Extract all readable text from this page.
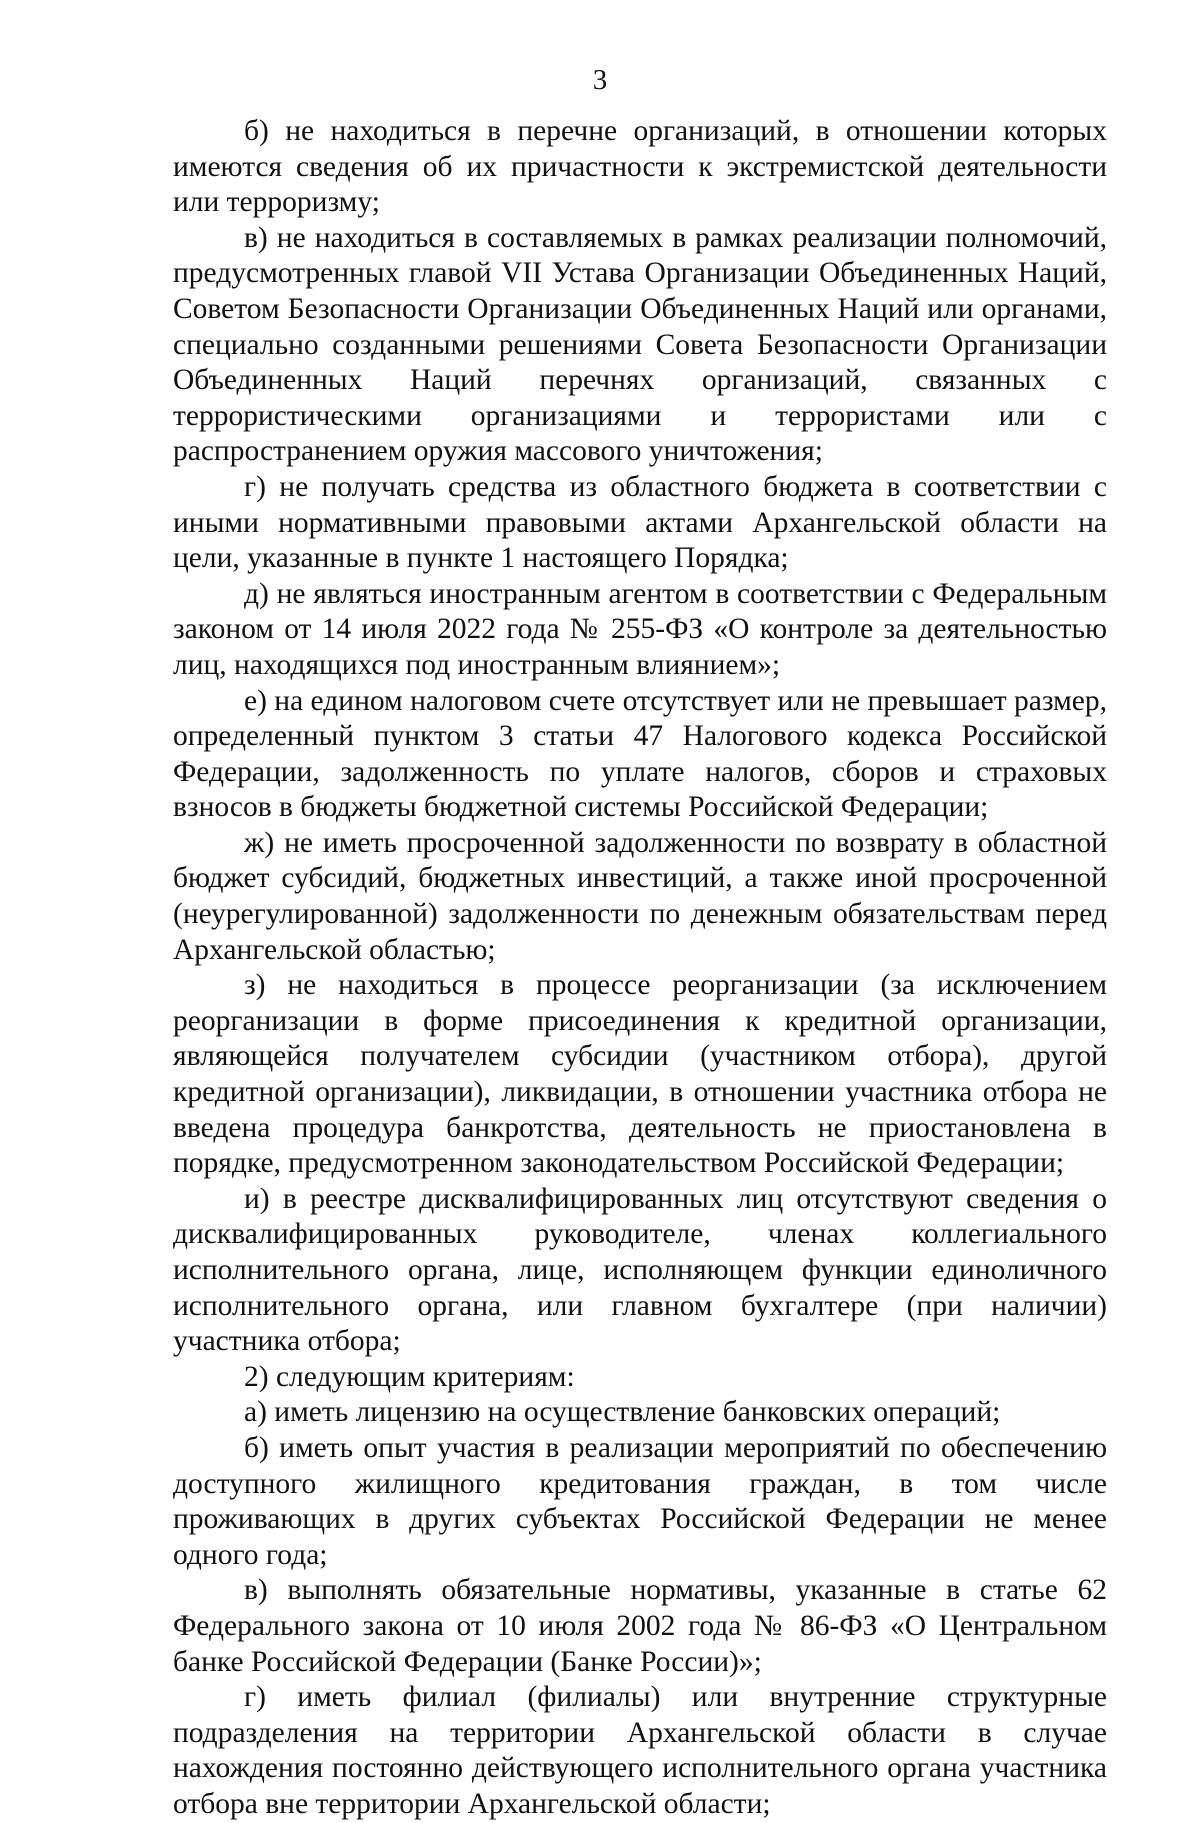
3

б) не находиться в перечне организаций, в отношении которых имеются сведения об их причастности к экстремистской деятельности или терроризму;

в) не находиться в составляемых в рамках реализации полномочий, предусмотренных главой VII Устава Организации Объединенных Наций, Советом Безопасности Организации Объединенных Наций или органами, специально созданными решениями Совета Безопасности Организации Объединенных Наций перечнях организаций, связанных с террористическими организациями и террористами или с распространением оружия массового уничтожения;

г) не получать средства из областного бюджета в соответствии с иными нормативными правовыми актами Архангельской области на цели, указанные в пункте 1 настоящего Порядка;

д) не являться иностранным агентом в соответствии с Федеральным законом от 14 июля 2022 года № 255-ФЗ «О контроле за деятельностью лиц, находящихся под иностранным влиянием»;

е) на едином налоговом счете отсутствует или не превышает размер, определенный пунктом 3 статьи 47 Налогового кодекса Российской Федерации, задолженность по уплате налогов, сборов и страховых взносов в бюджеты бюджетной системы Российской Федерации;

ж) не иметь просроченной задолженности по возврату в областной бюджет субсидий, бюджетных инвестиций, а также иной просроченной (неурегулированной) задолженности по денежным обязательствам перед Архангельской областью;

з) не находиться в процессе реорганизации (за исключением реорганизации в форме присоединения к кредитной организации, являющейся получателем субсидии (участником отбора), другой кредитной организации), ликвидации, в отношении участника отбора не введена процедура банкротства, деятельность не приостановлена в порядке, предусмотренном законодательством Российской Федерации;

и) в реестре дисквалифицированных лиц отсутствуют сведения о дисквалифицированных руководителе, членах коллегиального исполнительного органа, лице, исполняющем функции единоличного исполнительного органа, или главном бухгалтере (при наличии) участника отбора;

2) следующим критериям:

а) иметь лицензию на осуществление банковских операций;

б) иметь опыт участия в реализации мероприятий по обеспечению доступного жилищного кредитования граждан, в том числе проживающих в других субъектах Российской Федерации не менее одного года;

в) выполнять обязательные нормативы, указанные в статье 62 Федерального закона от 10 июля 2002 года № 86-ФЗ «О Центральном банке Российской Федерации (Банке России)»;

г) иметь филиал (филиалы) или внутренние структурные подразделения на территории Архангельской области в случае нахождения постоянно действующего исполнительного органа участника отбора вне территории Архангельской области;
